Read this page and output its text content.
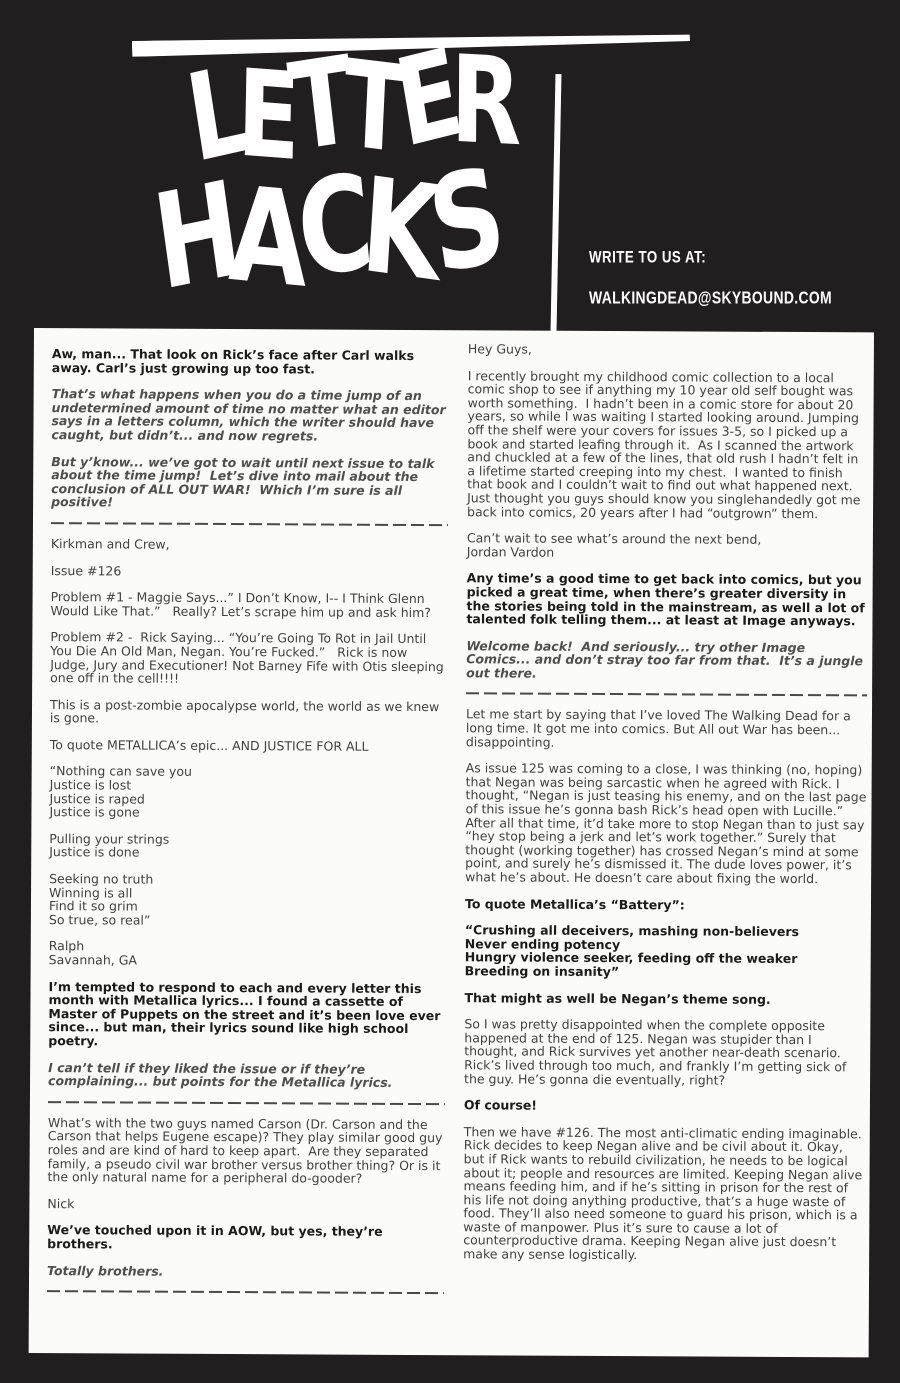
LETTER
HACKS	WRITE TO US AT:
WALKINGDEAD@SKYBOUND.COM
Aw, man... That look on Rick’s face after Carl walks away. Carl’s just growing up too fast.
That’s what happens when you do a time jump of an undetermined amount of time no matter what an editor says in a letters column, which the writer should have caught, but didn’t... and now regrets.
But y’know... we’ve got to wait until next issue to talk about the time jump!  Let’s dive into mail about the conclusion of ALL OUT WAR!  Which I’m sure is all positive!
Kirkman and Crew,
Issue #126
Problem #1 - Maggie Says...” I Don’t Know, I-- I Think Glenn Would Like That.”   Really? Let’s scrape him up and ask him?
Problem #2 -  Rick Saying... “You’re Going To Rot in Jail Until You Die An Old Man, Negan. You’re Fucked.”   Rick is now Judge, Jury and Executioner! Not Barney Fife with Otis sleeping one off in the cell!!!!
This is a post-zombie apocalypse world, the world as we knew is gone.
To quote METALLICA’s epic... AND JUSTICE FOR ALL
“Nothing can save you
Justice is lost
Justice is raped
Justice is gone
Pulling your strings
Justice is done
Seeking no truth
Winning is all
Find it so grim
So true, so real”
Ralph
Savannah, GA
I’m tempted to respond to each and every letter this month with Metallica lyrics... I found a cassette of Master of Puppets on the street and it’s been love ever since... but man, their lyrics sound like high school poetry.
I can’t tell if they liked the issue or if they’re complaining... but points for the Metallica lyrics.
What’s with the two guys named Carson (Dr. Carson and the Carson that helps Eugene escape)? They play similar good guy roles and are kind of hard to keep apart.  Are they separated family, a pseudo civil war brother versus brother thing? Or is it the only natural name for a peripheral do-gooder?
Nick
We’ve touched upon it in AOW, but yes, they’re brothers.
Totally brothers.
Hey Guys,
I recently brought my childhood comic collection to a local comic shop to see if anything my 10 year old self bought was worth something.  I hadn’t been in a comic store for about 20 years, so while I was waiting I started looking around. Jumping off the shelf were your covers for issues 3-5, so I picked up a book and started leafing through it.  As I scanned the artwork and chuckled at a few of the lines, that old rush I hadn’t felt in a lifetime started creeping into my chest.  I wanted to finish that book and I couldn’t wait to find out what happened next.  Just thought you guys should know you singlehandedly got me back into comics, 20 years after I had “outgrown” them.
Can’t wait to see what’s around the next bend,
Jordan Vardon
Any time’s a good time to get back into comics, but you picked a great time, when there’s greater diversity in the stories being told in the mainstream, as well a lot of talented folk telling them... at least at Image anyways.
Welcome back!  And seriously... try other Image Comics... and don’t stray too far from that.  It’s a jungle out there.
Let me start by saying that I’ve loved The Walking Dead for a long time. It got me into comics. But All out War has been... disappointing.
As issue 125 was coming to a close, I was thinking (no, hoping) that Negan was being sarcastic when he agreed with Rick. I thought, “Negan is just teasing his enemy, and on the last page of this issue he’s gonna bash Rick’s head open with Lucille.” After all that time, it’d take more to stop Negan than to just say “hey stop being a jerk and let’s work together.” Surely that thought (working together) has crossed Negan’s mind at some point, and surely he’s dismissed it. The dude loves power, it’s what he’s about. He doesn’t care about fixing the world.
To quote Metallica’s “Battery”:
“Crushing all deceivers, mashing non-believers
Never ending potency
Hungry violence seeker, feeding off the weaker
Breeding on insanity”
That might as well be Negan’s theme song.
So I was pretty disappointed when the complete opposite happened at the end of 125. Negan was stupider than I thought, and Rick survives yet another near-death scenario. Rick’s lived through too much, and frankly I’m getting sick of the guy. He’s gonna die eventually, right?
Of course!
Then we have #126. The most anti-climatic ending imaginable. Rick decides to keep Negan alive and be civil about it. Okay, but if Rick wants to rebuild civilization, he needs to be logical about it; people and resources are limited. Keeping Negan alive means feeding him, and if he’s sitting in prison for the rest of his life not doing anything productive, that’s a huge waste of food. They’ll also need someone to guard his prison, which is a waste of manpower. Plus it’s sure to cause a lot of counterproductive drama. Keeping Negan alive just doesn’t make any sense logistically.
